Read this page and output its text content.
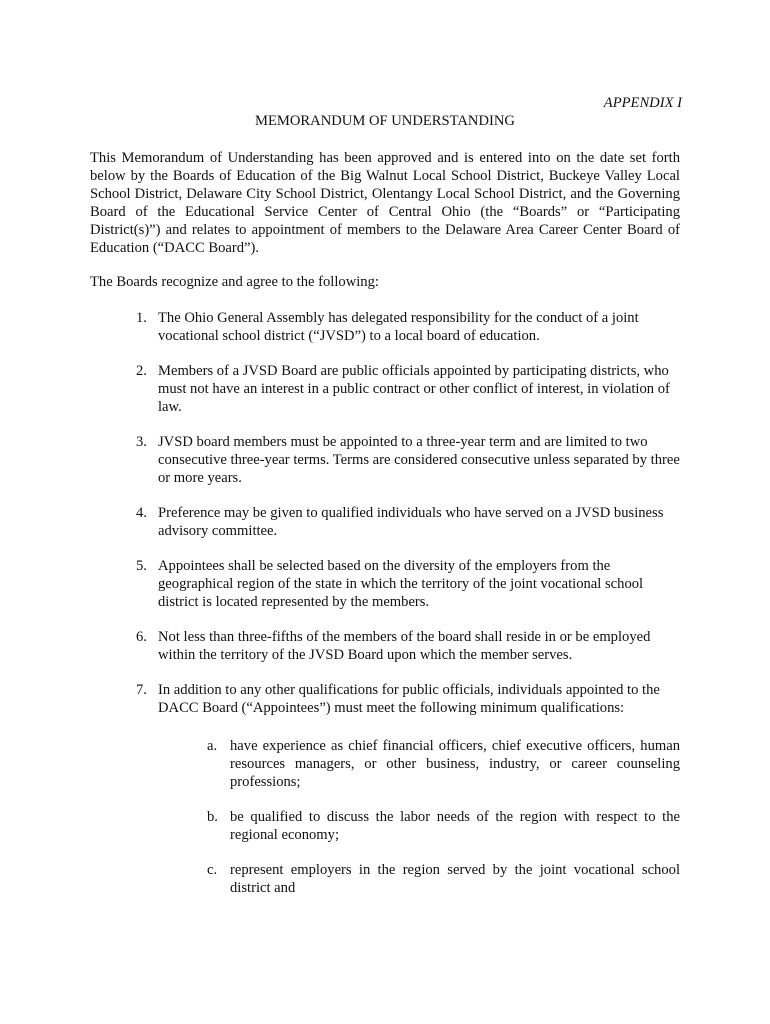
APPENDIX I
MEMORANDUM OF UNDERSTANDING

This Memorandum of Understanding has been approved and is entered into on the date set forth below by the Boards of Education of the Big Walnut Local School District, Buckeye Valley Local School District, Delaware City School District, Olentangy Local School District, and the Governing Board of the Educational Service Center of Central Ohio (the “Boards” or “Participating District(s)”) and relates to appointment of members to the Delaware Area Career Center Board of Education (“DACC Board”).

The Boards recognize and agree to the following:

1. The Ohio General Assembly has delegated responsibility for the conduct of a joint vocational school district (“JVSD”) to a local board of education.
2. Members of a JVSD Board are public officials appointed by participating districts, who must not have an interest in a public contract or other conflict of interest, in violation of law.
3. JVSD board members must be appointed to a three-year term and are limited to two consecutive three-year terms. Terms are considered consecutive unless separated by three or more years.
4. Preference may be given to qualified individuals who have served on a JVSD business advisory committee.
5. Appointees shall be selected based on the diversity of the employers from the geographical region of the state in which the territory of the joint vocational school district is located represented by the members.
6. Not less than three-fifths of the members of the board shall reside in or be employed within the territory of the JVSD Board upon which the member serves.
7. In addition to any other qualifications for public officials, individuals appointed to the DACC Board (“Appointees”) must meet the following minimum qualifications:
a. have experience as chief financial officers, chief executive officers, human resources managers, or other business, industry, or career counseling professions;
b. be qualified to discuss the labor needs of the region with respect to the regional economy;
c. represent employers in the region served by the joint vocational school district and
